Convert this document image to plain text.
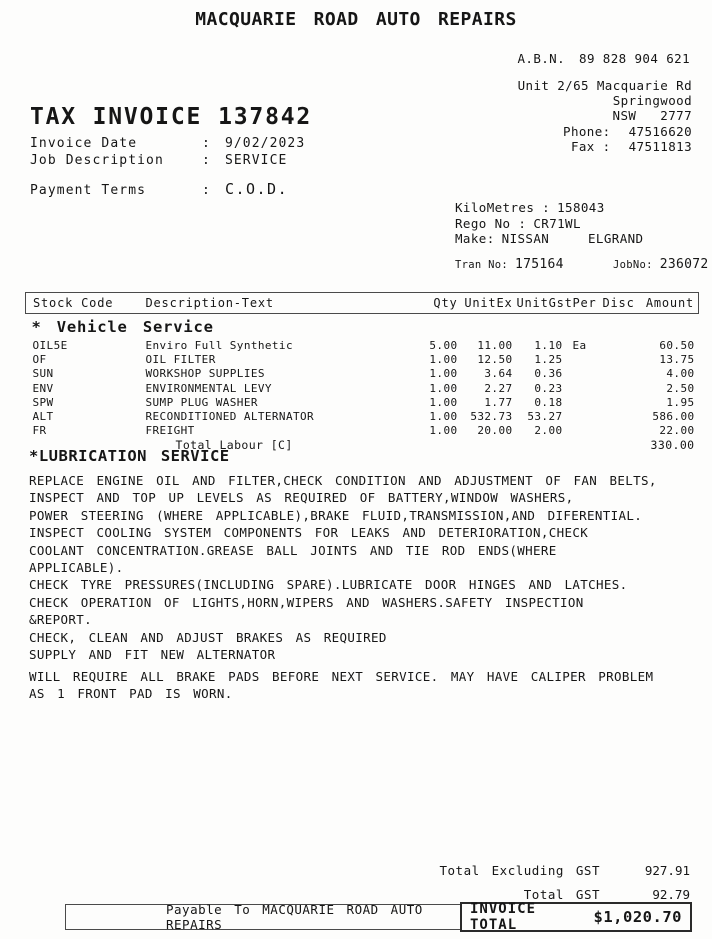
MACQUARIE ROAD AUTO REPAIRS
A.B.N. 89 828 904 621
Unit 2/65 Macquarie Rd
Springwood
NSW 2777
Phone: 47516620
Fax : 47511813
TAX INVOICE 137842
Invoice Date	: 9/02/2023
Job Description	: SERVICE
Payment Terms	: C.O.D.
KiloMetres : 158043
Rego No : CR71WL
Make: NISSAN	ELGRAND
Tran No: 175164	JobNo: 236072
Stock Code	Description-Text	Qty	UnitEx	UnitGst	Per	Disc	Amount
* Vehicle Service							
OIL5E	Enviro Full Synthetic	5.00	11.00	1.10	Ea		60.50
OF	OIL FILTER	1.00	12.50	1.25			13.75
SUN	WORKSHOP SUPPLIES	1.00	3.64	0.36			4.00
ENV	ENVIRONMENTAL LEVY	1.00	2.27	0.23			2.50
SPW	SUMP PLUG WASHER	1.00	1.77	0.18			1.95
ALT	RECONDITIONED ALTERNATOR	1.00	532.73	53.27			586.00
FR	FREIGHT	1.00	20.00	2.00			22.00
	Total Labour [C]						330.00
*LUBRICATION SERVICE
REPLACE ENGINE OIL AND FILTER,CHECK CONDITION AND ADJUSTMENT OF FAN BELTS,
INSPECT AND TOP UP LEVELS AS REQUIRED OF BATTERY,WINDOW WASHERS,
POWER STEERING (WHERE APPLICABLE),BRAKE FLUID,TRANSMISSION,AND DIFERENTIAL.
INSPECT COOLING SYSTEM COMPONENTS FOR LEAKS AND DETERIORATION,CHECK
COOLANT CONCENTRATION.GREASE BALL JOINTS AND TIE ROD ENDS(WHERE
APPLICABLE).
CHECK TYRE PRESSURES(INCLUDING SPARE).LUBRICATE DOOR HINGES AND LATCHES.
CHECK OPERATION OF LIGHTS,HORN,WIPERS AND WASHERS.SAFETY INSPECTION
&REPORT.
CHECK, CLEAN AND ADJUST BRAKES AS REQUIRED
SUPPLY AND FIT NEW ALTERNATOR
WILL REQUIRE ALL BRAKE PADS BEFORE NEXT SERVICE. MAY HAVE CALIPER PROBLEM
AS 1 FRONT PAD IS WORN.
Total Excluding GST	927.91
Total GST	92.79
Payable To MACQUARIE ROAD AUTO REPAIRS
INVOICE TOTAL	$1,020.70
